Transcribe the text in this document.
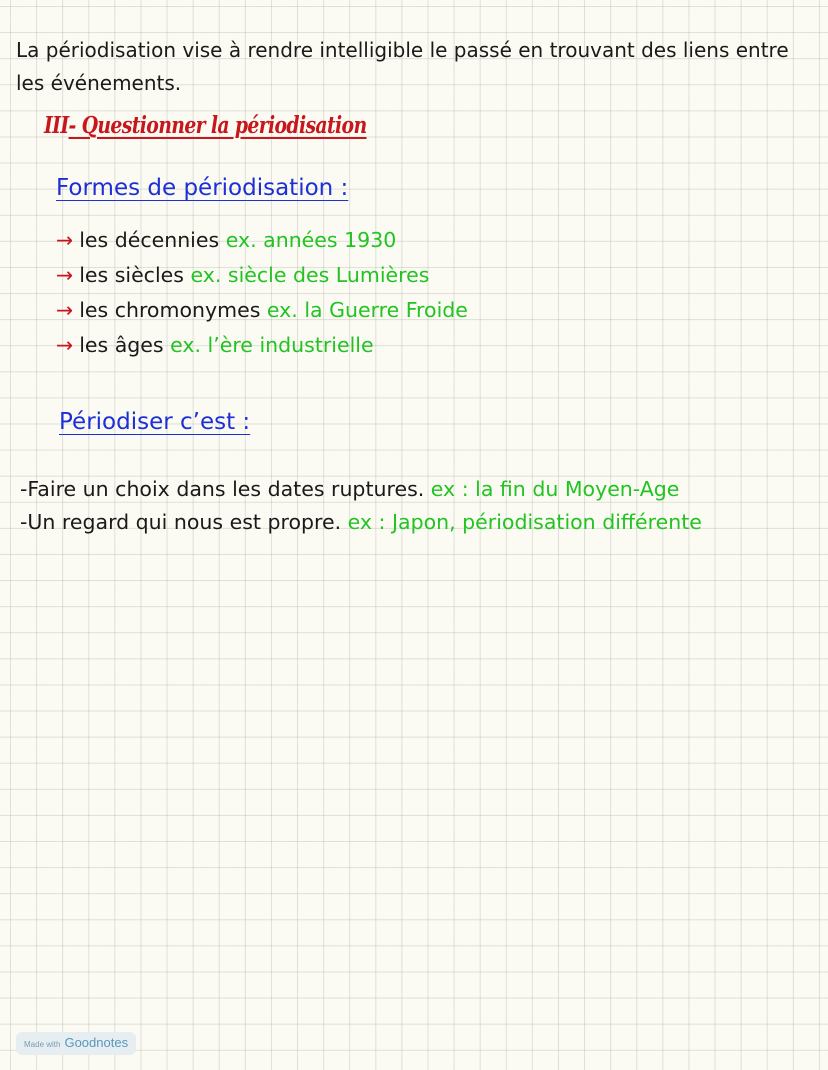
La périodisation vise à rendre intelligible le passé en trouvant des liens entre les événements.
III- Questionner la périodisation
Formes de périodisation :
→ les décennies ex. années 1930
→ les siècles ex. siècle des Lumières
→ les chromonymes ex. la Guerre Froide
→ les âges ex. l’ère industrielle
Périodiser c’est :
-Faire un choix dans les dates ruptures. ex : la fin du Moyen-Age
-Un regard qui nous est propre. ex : Japon, périodisation différente
Made with Goodnotes
